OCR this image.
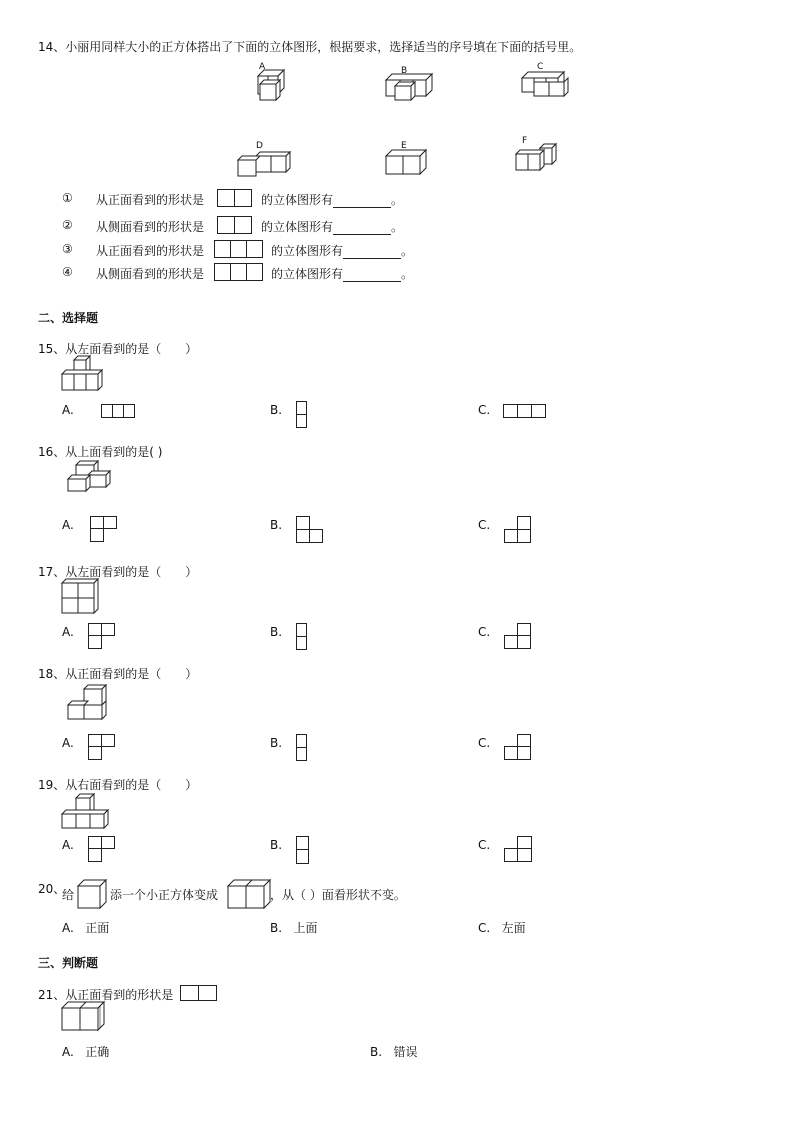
14、小丽用同样大小的正方体搭出了下面的立体图形，根据要求，选择适当的序号填在下面的括号里。
A	B	C
D	E	F
① 从正面看到的形状是	的立体图形有	。
② 从侧面看到的形状是	的立体图形有	。
③ 从正面看到的形状是	的立体图形有	。
④ 从侧面看到的形状是	的立体图形有	。
二、选择题
15、从左面看到的是（　　）
A.	B.	C.
16、从上面看到的是( )
A.	B.	C.
17、从左面看到的是（　　）
A.	B.	C.
18、从正面看到的是（　　）
A.	B.	C.
19、从右面看到的是（　　）
A.	B.	C.
20、
给	添一个小正方体变成	，从（ ）面看形状不变。
A. 正面	B. 上面	C. 左面
三、判断题
21、从正面看到的形状是
A. 正确	B. 错误
